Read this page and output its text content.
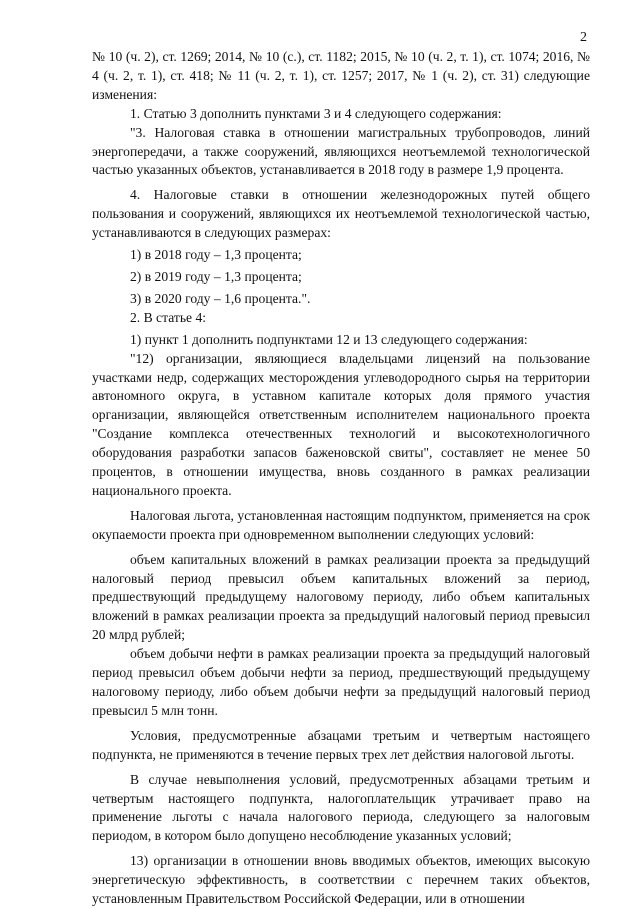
2

№ 10 (ч. 2), ст. 1269; 2014, № 10 (с.), ст. 1182; 2015, № 10 (ч. 2, т. 1), ст. 1074; 2016, № 4 (ч. 2, т. 1), ст. 418; № 11 (ч. 2, т. 1), ст. 1257; 2017, № 1 (ч. 2), ст. 31) следующие изменения:

1. Статью 3 дополнить пунктами 3 и 4 следующего содержания:

"3. Налоговая ставка в отношении магистральных трубопроводов, линий энергопередачи, а также сооружений, являющихся неотъемлемой технологической частью указанных объектов, устанавливается в 2018 году в размере 1,9 процента.

4. Налоговые ставки в отношении железнодорожных путей общего пользования и сооружений, являющихся их неотъемлемой технологической частью, устанавливаются в следующих размерах:

1) в 2018 году – 1,3 процента;

2) в 2019 году – 1,3 процента;

3) в 2020 году – 1,6 процента.".

2. В статье 4:

1) пункт 1 дополнить подпунктами 12 и 13 следующего содержания:

"12) организации, являющиеся владельцами лицензий на пользование участками недр, содержащих месторождения углеводородного сырья на территории автономного округа, в уставном капитале которых доля прямого участия организации, являющейся ответственным исполнителем национального проекта "Создание комплекса отечественных технологий и высокотехнологичного оборудования разработки запасов баженовской свиты", составляет не менее 50 процентов, в отношении имущества, вновь созданного в рамках реализации национального проекта.

Налоговая льгота, установленная настоящим подпунктом, применяется на срок окупаемости проекта при одновременном выполнении следующих условий:

объем капитальных вложений в рамках реализации проекта за предыдущий налоговый период превысил объем капитальных вложений за период, предшествующий предыдущему налоговому периоду, либо объем капитальных вложений в рамках реализации проекта за предыдущий налоговый период превысил 20 млрд рублей;

объем добычи нефти в рамках реализации проекта за предыдущий налоговый период превысил объем добычи нефти за период, предшествующий предыдущему налоговому периоду, либо объем добычи нефти за предыдущий налоговый период превысил 5 млн тонн.

Условия, предусмотренные абзацами третьим и четвертым настоящего подпункта, не применяются в течение первых трех лет действия налоговой льготы.

В случае невыполнения условий, предусмотренных абзацами третьим и четвертым настоящего подпункта, налогоплательщик утрачивает право на применение льготы с начала налогового периода, следующего за налоговым периодом, в котором было допущено несоблюдение указанных условий;

13) организации в отношении вновь вводимых объектов, имеющих высокую энергетическую эффективность, в соответствии с перечнем таких объектов, установленным Правительством Российской Федерации, или в отношении
